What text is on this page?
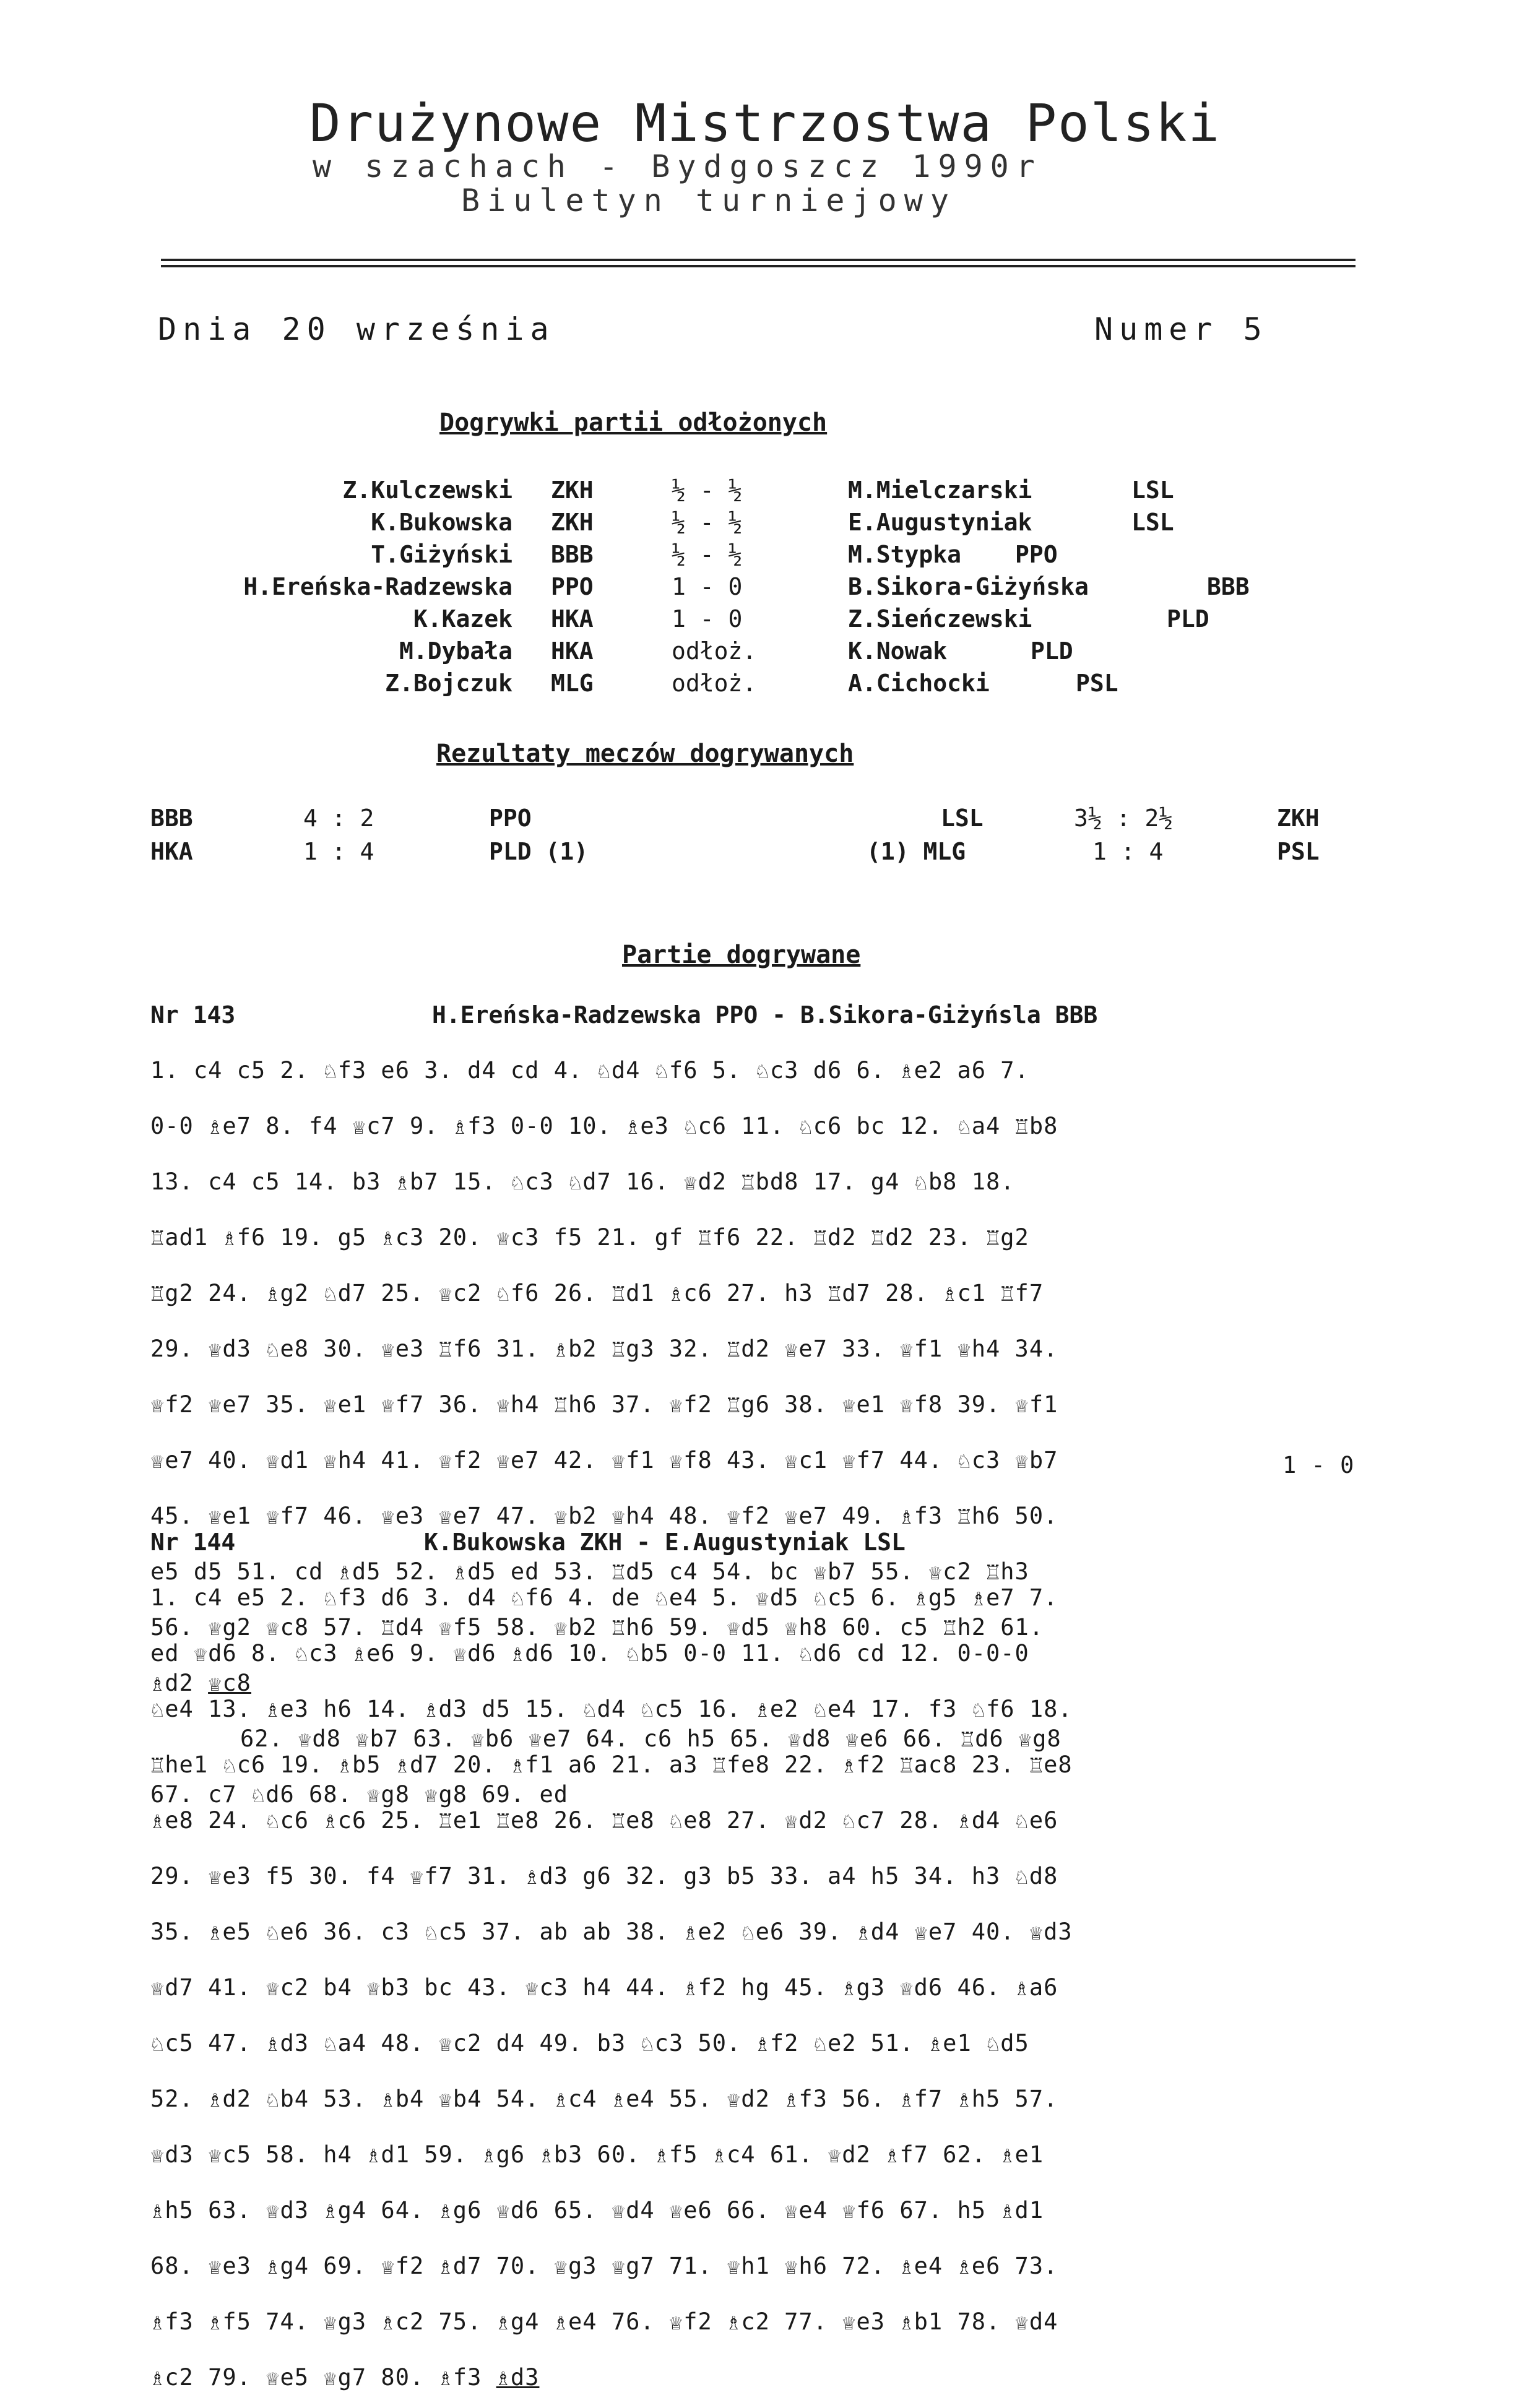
Drużynowe Mistrzostwa Polski
w szachach - Bydgoszcz 1990r
Biuletyn turniejowy
Dnia 20 września	Numer 5
Dogrywki partii odłożonych
Z.Kulczewski ZKH	½ - ½	M.Mielczarski	LSL
K.Bukowska ZKH	½ - ½	E.Augustyniak	LSL
T.Giżyński BBB	½ - ½	M.Stypka PPO
H.Ereńska-Radzewska PPO	1 - 0	B.Sikora-Giżyńska	BBB
K.Kazek HKA	1 - 0	Z.Sieńczewski	PLD
M.Dybała HKA	odłoż.	K.Nowak	PLD
Z.Bojczuk MLG	odłoż.	A.Cichocki	PSL
Rezultaty meczów dogrywanych
BBB	4 : 2	PPO	LSL	3½ : 2½	ZKH
HKA	1 : 4	PLD (1)	(1) MLG	1 : 4	PSL
Partie dogrywane
Nr 143	H.Ereńska-Radzewska PPO - B.Sikora-Giżyńsla BBB

1. c4 c5 2. ♘f3 e6 3. d4 cd 4. ♘d4 ♘f6 5. ♘c3 d6 6. ♗e2 a6 7.

0-0 ♗e7 8. f4 ♕c7 9. ♗f3 0-0 10. ♗e3 ♘c6 11. ♘c6 bc 12. ♘a4 ♖b8

13. c4 c5 14. b3 ♗b7 15. ♘c3 ♘d7 16. ♕d2 ♖bd8 17. g4 ♘b8 18.

♖ad1 ♗f6 19. g5 ♗c3 20. ♕c3 f5 21. gf ♖f6 22. ♖d2 ♖d2 23. ♖g2

♖g2 24. ♗g2 ♘d7 25. ♕c2 ♘f6 26. ♖d1 ♗c6 27. h3 ♖d7 28. ♗c1 ♖f7

29. ♕d3 ♘e8 30. ♕e3 ♖f6 31. ♗b2 ♖g3 32. ♖d2 ♕e7 33. ♕f1 ♕h4 34.

♕f2 ♕e7 35. ♕e1 ♕f7 36. ♕h4 ♖h6 37. ♕f2 ♖g6 38. ♕e1 ♕f8 39. ♕f1

♕e7 40. ♕d1 ♕h4 41. ♕f2 ♕e7 42. ♕f1 ♕f8 43. ♕c1 ♕f7 44. ♘c3 ♕b7

45. ♕e1 ♕f7 46. ♕e3 ♕e7 47. ♕b2 ♕h4 48. ♕f2 ♕e7 49. ♗f3 ♖h6 50.

e5 d5 51. cd ♗d5 52. ♗d5 ed 53. ♖d5 c4 54. bc ♕b7 55. ♕c2 ♖h3

56. ♕g2 ♕c8 57. ♖d4 ♕f5 58. ♕b2 ♖h6 59. ♕d5 ♕h8 60. c5 ♖h2 61.

♗d2 ♕c8

62. ♕d8 ♕b7 63. ♕b6 ♕e7 64. c6 h5 65. ♕d8 ♕e6 66. ♖d6 ♕g8

67. c7 ♘d6 68. ♕g8 ♕g8 69. ed

1 - 0
Nr 144	K.Bukowska ZKH - E.Augustyniak LSL

1. c4 e5 2. ♘f3 d6 3. d4 ♘f6 4. de ♘e4 5. ♕d5 ♘c5 6. ♗g5 ♗e7 7.

ed ♕d6 8. ♘c3 ♗e6 9. ♕d6 ♗d6 10. ♘b5 0-0 11. ♘d6 cd 12. 0-0-0

♘e4 13. ♗e3 h6 14. ♗d3 d5 15. ♘d4 ♘c5 16. ♗e2 ♘e4 17. f3 ♘f6 18.

♖he1 ♘c6 19. ♗b5 ♗d7 20. ♗f1 a6 21. a3 ♖fe8 22. ♗f2 ♖ac8 23. ♖e8

♗e8 24. ♘c6 ♗c6 25. ♖e1 ♖e8 26. ♖e8 ♘e8 27. ♕d2 ♘c7 28. ♗d4 ♘e6

29. ♕e3 f5 30. f4 ♕f7 31. ♗d3 g6 32. g3 b5 33. a4 h5 34. h3 ♘d8

35. ♗e5 ♘e6 36. c3 ♘c5 37. ab ab 38. ♗e2 ♘e6 39. ♗d4 ♕e7 40. ♕d3

♕d7 41. ♕c2 b4 ♕b3 bc 43. ♕c3 h4 44. ♗f2 hg 45. ♗g3 ♕d6 46. ♗a6

♘c5 47. ♗d3 ♘a4 48. ♕c2 d4 49. b3 ♘c3 50. ♗f2 ♘e2 51. ♗e1 ♘d5

52. ♗d2 ♘b4 53. ♗b4 ♕b4 54. ♗c4 ♗e4 55. ♕d2 ♗f3 56. ♗f7 ♗h5 57.

♕d3 ♕c5 58. h4 ♗d1 59. ♗g6 ♗b3 60. ♗f5 ♗c4 61. ♕d2 ♗f7 62. ♗e1

♗h5 63. ♕d3 ♗g4 64. ♗g6 ♕d6 65. ♕d4 ♕e6 66. ♕e4 ♕f6 67. h5 ♗d1

68. ♕e3 ♗g4 69. ♕f2 ♗d7 70. ♕g3 ♕g7 71. ♕h1 ♕h6 72. ♗e4 ♗e6 73.

♗f3 ♗f5 74. ♕g3 ♗c2 75. ♗g4 ♗e4 76. ♕f2 ♗c2 77. ♕e3 ♗b1 78. ♕d4

♗c2 79. ♕e5 ♕g7 80. ♗f3 ♗d3
